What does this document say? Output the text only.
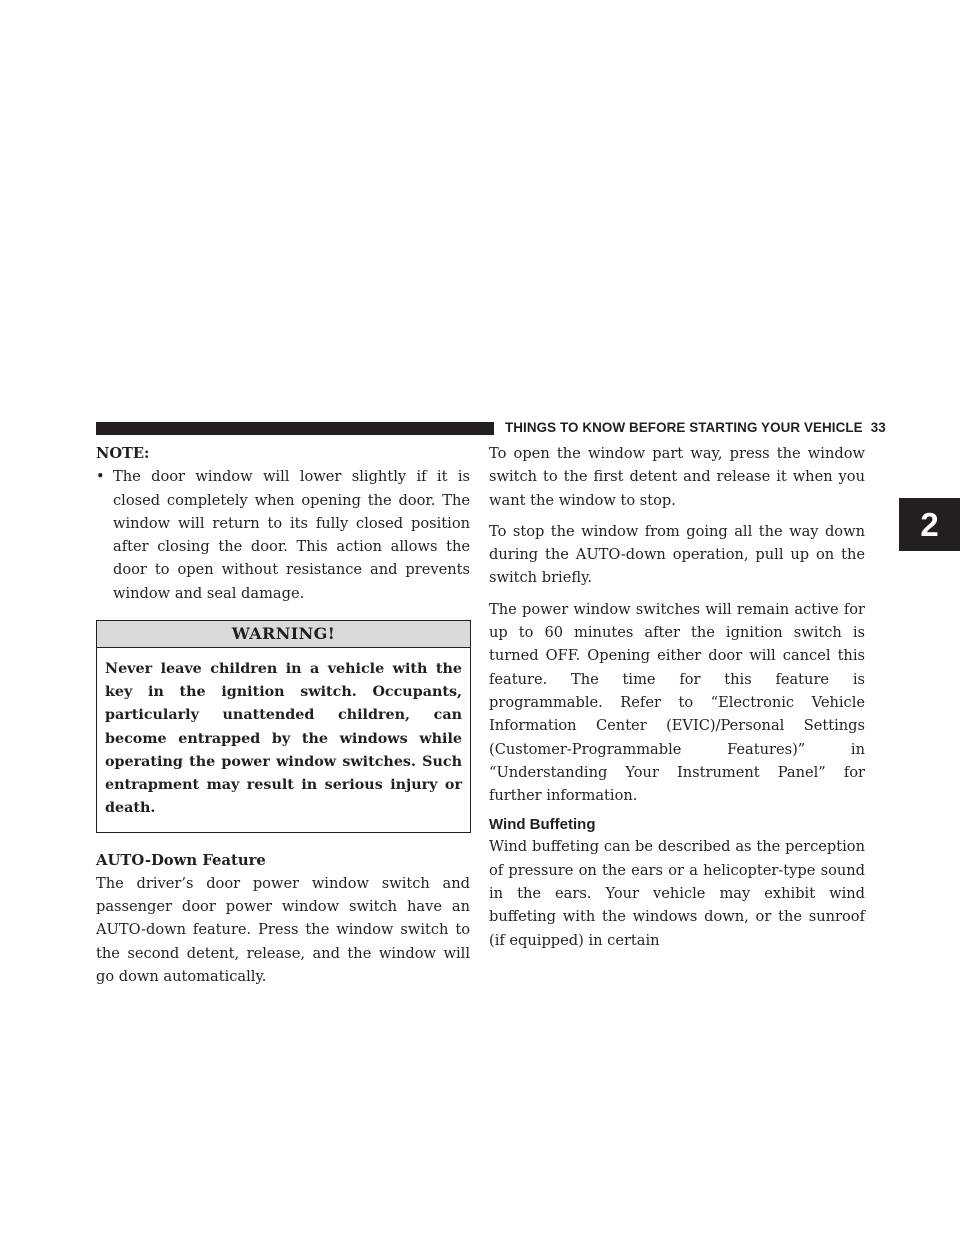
THINGS TO KNOW BEFORE STARTING YOUR VEHICLE 33
2
NOTE:
• The door window will lower slightly if it is closed completely when opening the door. The window will return to its fully closed position after closing the door. This action allows the door to open without resistance and prevents window and seal damage.
WARNING!
Never leave children in a vehicle with the key in the ignition switch. Occupants, particularly unattended children, can become entrapped by the windows while operating the power window switches. Such entrapment may result in serious injury or death.
AUTO-Down Feature

The driver’s door power window switch and passenger door power window switch have an AUTO-down feature. Press the window switch to the second detent, release, and the window will go down automatically.

To open the window part way, press the window switch to the first detent and release it when you want the window to stop.

To stop the window from going all the way down during the AUTO-down operation, pull up on the switch briefly.

The power window switches will remain active for up to 60 minutes after the ignition switch is turned OFF. Opening either door will cancel this feature. The time for this feature is programmable. Refer to “Electronic Vehicle Information Center (EVIC)/Personal Settings (Customer-Programmable Features)” in “Understanding Your Instrument Panel” for further information.

Wind Buffeting

Wind buffeting can be described as the perception of pressure on the ears or a helicopter-type sound in the ears. Your vehicle may exhibit wind buffeting with the windows down, or the sunroof (if equipped) in certain
